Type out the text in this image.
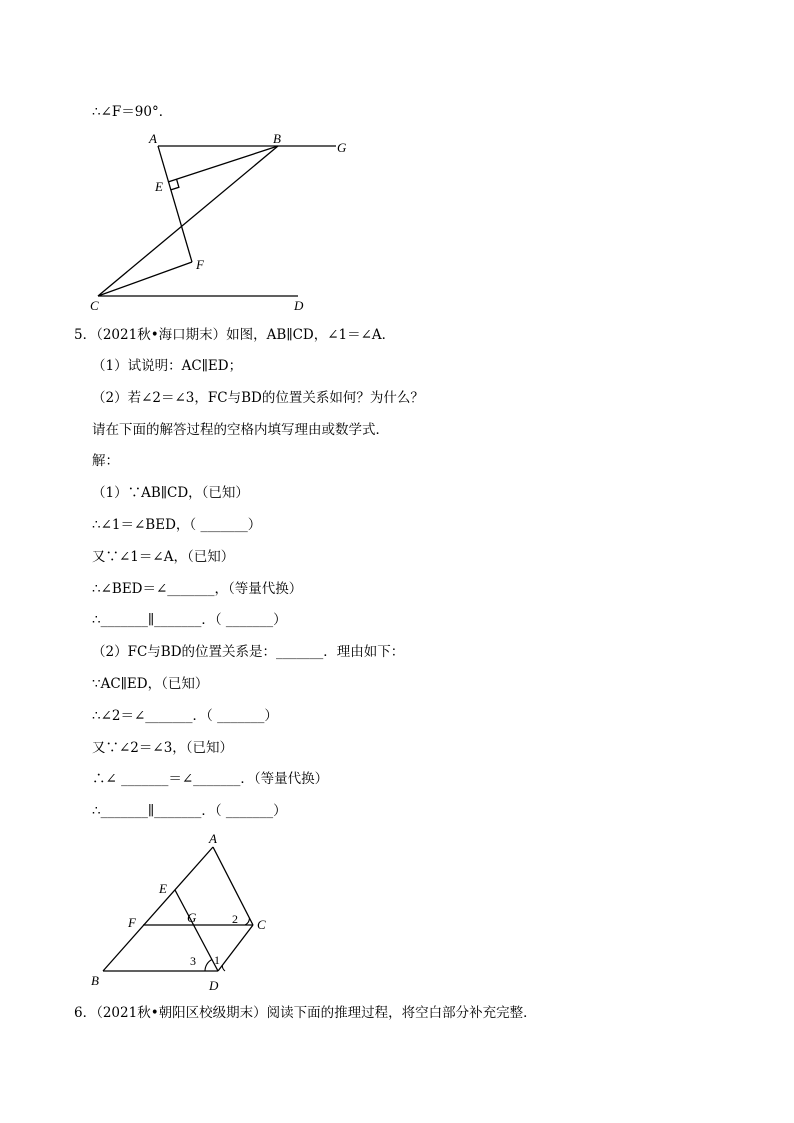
∴∠F＝90°．
A	B
G
E
F
C	D
5．（2021秋•海口期末）如图，AB∥CD，∠1＝∠A．
（1）试说明：AC∥ED；
（2）若∠2＝∠3，FC与BD的位置关系如何？为什么？
请在下面的解答过程的空格内填写理由或数学式．
解：
（1）∵AB∥CD，（已知）
∴∠1＝∠BED，（ _______）
又∵∠1＝∠A，（已知）
∴∠BED＝∠_______，（等量代换）
∴_______∥_______．（ _______）
（2）FC与BD的位置关系是：_______．理由如下：
∵AC∥ED，（已知）
∴∠2＝∠_______．（ _______）
又∵∠2＝∠3，（已知）
∴∠ _______＝∠_______．（等量代换）
∴_______∥_______．（ _______）
A
E
F	G	C
B	D
2
1
3
6．（2021秋•朝阳区校级期末）阅读下面的推理过程，将空白部分补充完整．
